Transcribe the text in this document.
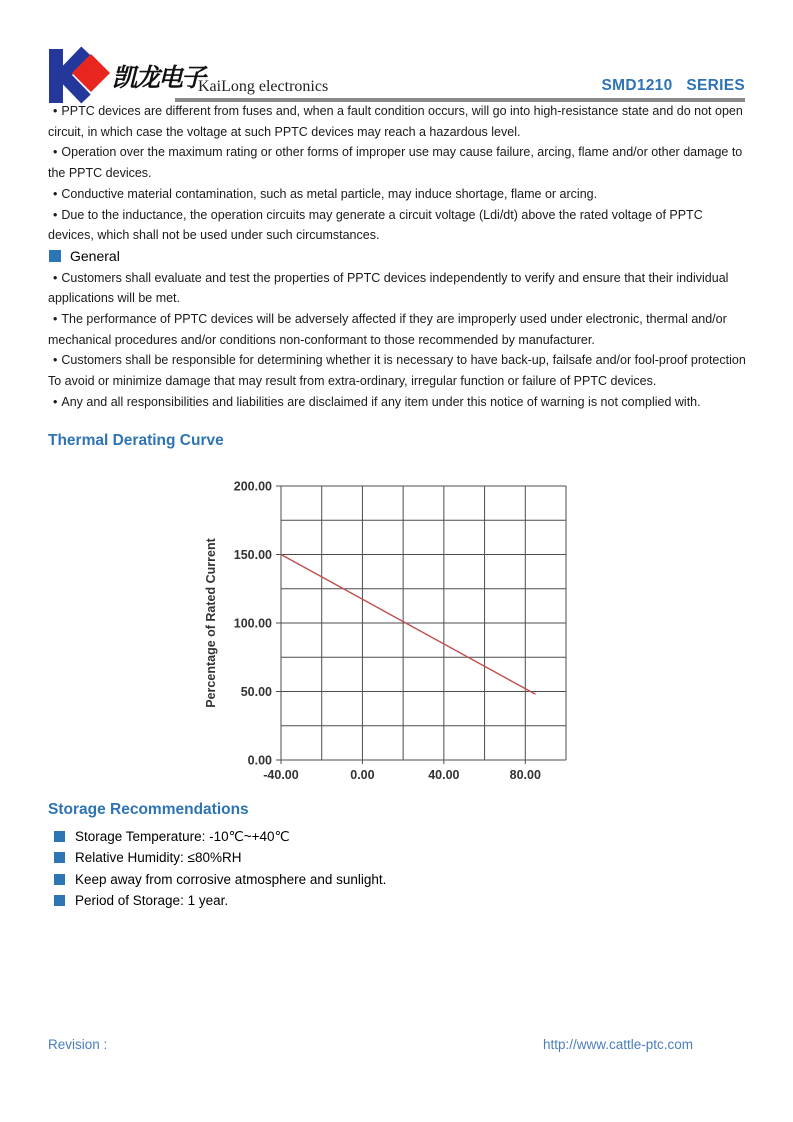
凯龙电子
KaiLong electronics	SMD1210   SERIES

• PPTC devices are different from fuses and, when a fault condition occurs, will go into high-resistance state and do not open circuit, in which case the voltage at such PPTC devices may reach a hazardous level.

• Operation over the maximum rating or other forms of improper use may cause failure, arcing, flame and/or other damage to the PPTC devices.

• Conductive material contamination, such as metal particle, may induce shortage, flame or arcing.

• Due to the inductance, the operation circuits may generate a circuit voltage (Ldi/dt) above the rated voltage of PPTC devices, which shall not be used under such circumstances.

General

• Customers shall evaluate and test the properties of PPTC devices independently to verify and ensure that their individual applications will be met.

• The performance of PPTC devices will be adversely affected if they are improperly used under electronic, thermal and/or mechanical procedures and/or conditions non-conformant to those recommended by manufacturer.

• Customers shall be responsible for determining whether it is necessary to have back-up, failsafe and/or fool-proof protection To avoid or minimize damage that may result from extra-ordinary, irregular function or failure of PPTC devices.

• Any and all responsibilities and liabilities are disclaimed if any item under this notice of warning is not complied with.

Thermal Derating Curve
-40.00	0.00	40.00	80.00
200.00
150.00
100.00
50.00
0.00
Percentage of Rated Current
Storage Recommendations
Storage Temperature: -10℃~+40℃
Relative Humidity: ≤80%RH
Keep away from corrosive atmosphere and sunlight.
Period of Storage: 1 year.
Revision :	http://www.cattle-ptc.com
